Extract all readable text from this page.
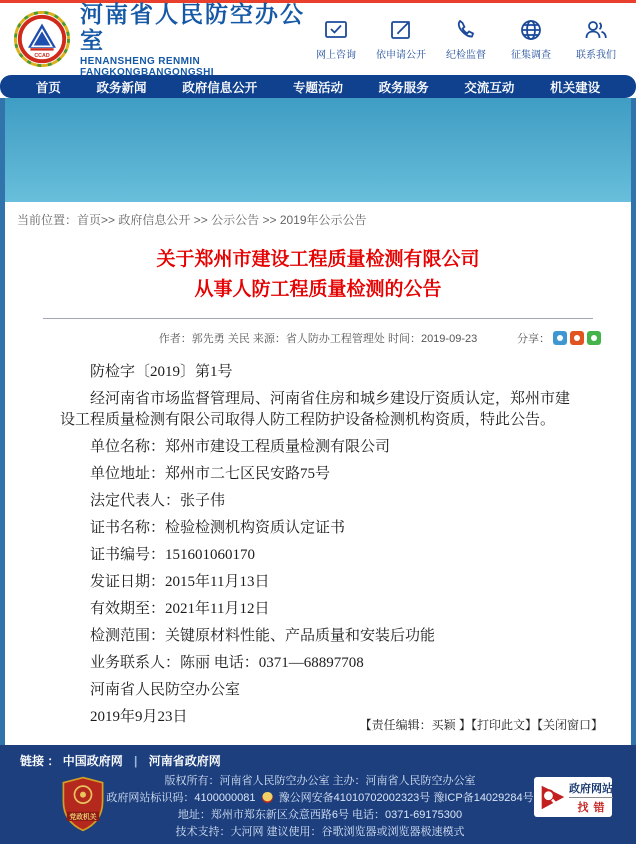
CCAD
河南省人民防空办公室
HENANSHENG RENMIN FANGKONGBANGONGSHI
网上咨询 依申请公开 纪检监督	征集调查	联系我们
首页	政务新闻	政府信息公开	专题活动	政务服务	交流互动	机关建设
当前位置：首页>> 政府信息公开 >> 公示公告 >> 2019年公示公告
关于郑州市建设工程质量检测有限公司
从事人防工程质量检测的公告
作者：郭先勇 关民 来源：省人防办工程管理处 时间：2019-09-23	分享：

防检字〔2019〕第1号

经河南省市场监督管理局、河南省住房和城乡建设厅资质认定，郑州市建设工程质量检测有限公司取得人防工程防护设备检测机构资质，特此公告。

单位名称：郑州市建设工程质量检测有限公司

单位地址：郑州市二七区民安路75号

法定代表人：张子伟

证书名称：检验检测机构资质认定证书

证书编号：151601060170

发证日期：2015年11月13日

有效期至：2021年11月12日

检测范围：关键原材料性能、产品质量和安装后功能

业务联系人：陈丽 电话：0371—68897708

河南省人民防空办公室

2019年9月23日	【责任编辑：买颖 】【打印此文】【关闭窗口】
链接 ： 中国政府网 | 河南省政府网
党政机关
版权所有：河南省人民防空办公室 主办：河南省人民防空办公室
政府网站标识码：4100000081 豫公网安备41010702002323号 豫ICP备14029284号
地址：郑州市郑东新区众意西路6号 电话：0371-69175300
技术支持：大河网 建议使用：谷歌浏览器或浏览器极速模式
政府网站
找错
